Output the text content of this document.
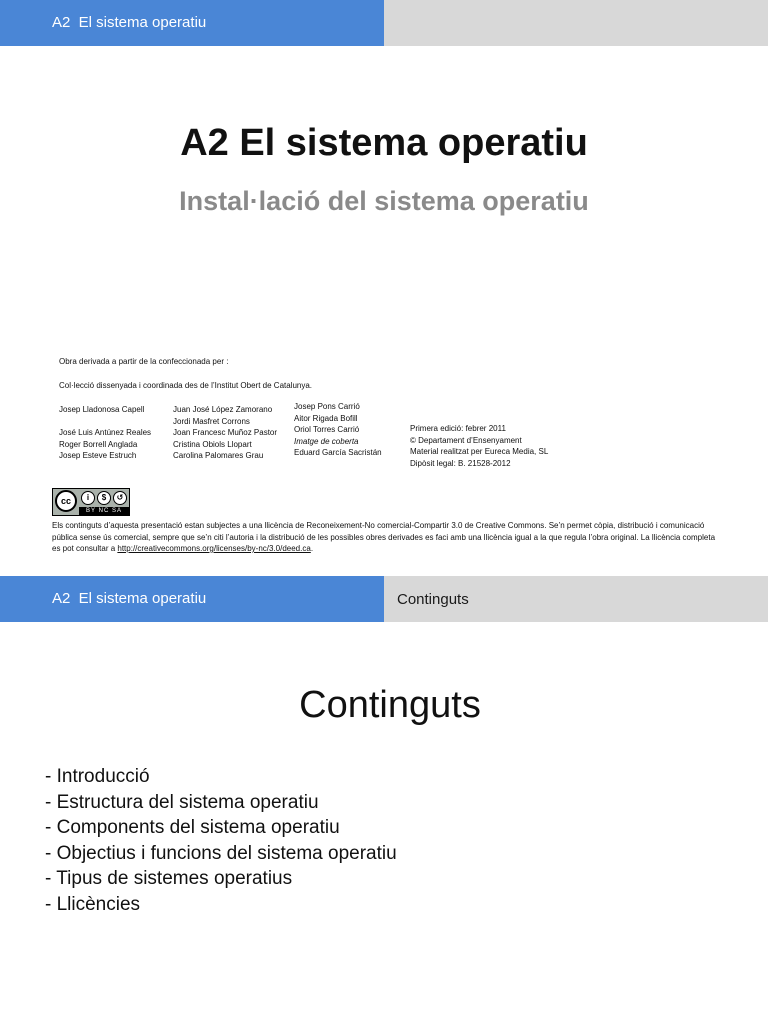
A2  El sistema operatiu
A2 El sistema operatiu
Instal·lació del sistema operatiu
Obra derivada a partir de la confeccionada per :
Col·lecció dissenyada i coordinada des de l’Institut Obert de Catalunya.
Josep Lladonosa Capell
José Luis Antúnez Reales
Roger Borrell Anglada
Josep Esteve Estruch
Juan José López Zamorano
Jordi Masfret Corrons
Joan Francesc Muñoz Pastor
Cristina Obiols Llopart
Carolina Palomares Grau
Josep Pons Carrió
Aitor Rigada Bofill
Oriol Torres Carrió
Imatge de coberta
Eduard García Sacristán
Primera edició: febrer 2011
© Departament d’Ensenyament
Material realitzat per Eureca Media, SL
Dipòsit legal: B. 21528-2012
cc	i	$	↺
BY NC SA
Els continguts d’aquesta presentació estan subjectes a una llicència de Reconeixement-No comercial-Compartir 3.0 de Creative Commons. Se’n permet còpia, distribució i comunicació pública sense ús comercial, sempre que se’n citi l’autoria i la distribució de les possibles obres derivades es faci amb una llicència igual a la que regula l’obra original. La llicència completa es pot consultar a http://creativecommons.org/licenses/by-nc/3.0/deed.ca.
A2  El sistema operatiu	Continguts
Continguts
- Introducció
- Estructura del sistema operatiu
- Components del sistema operatiu
- Objectius i funcions del sistema operatiu
- Tipus de sistemes operatius
- Llicències
